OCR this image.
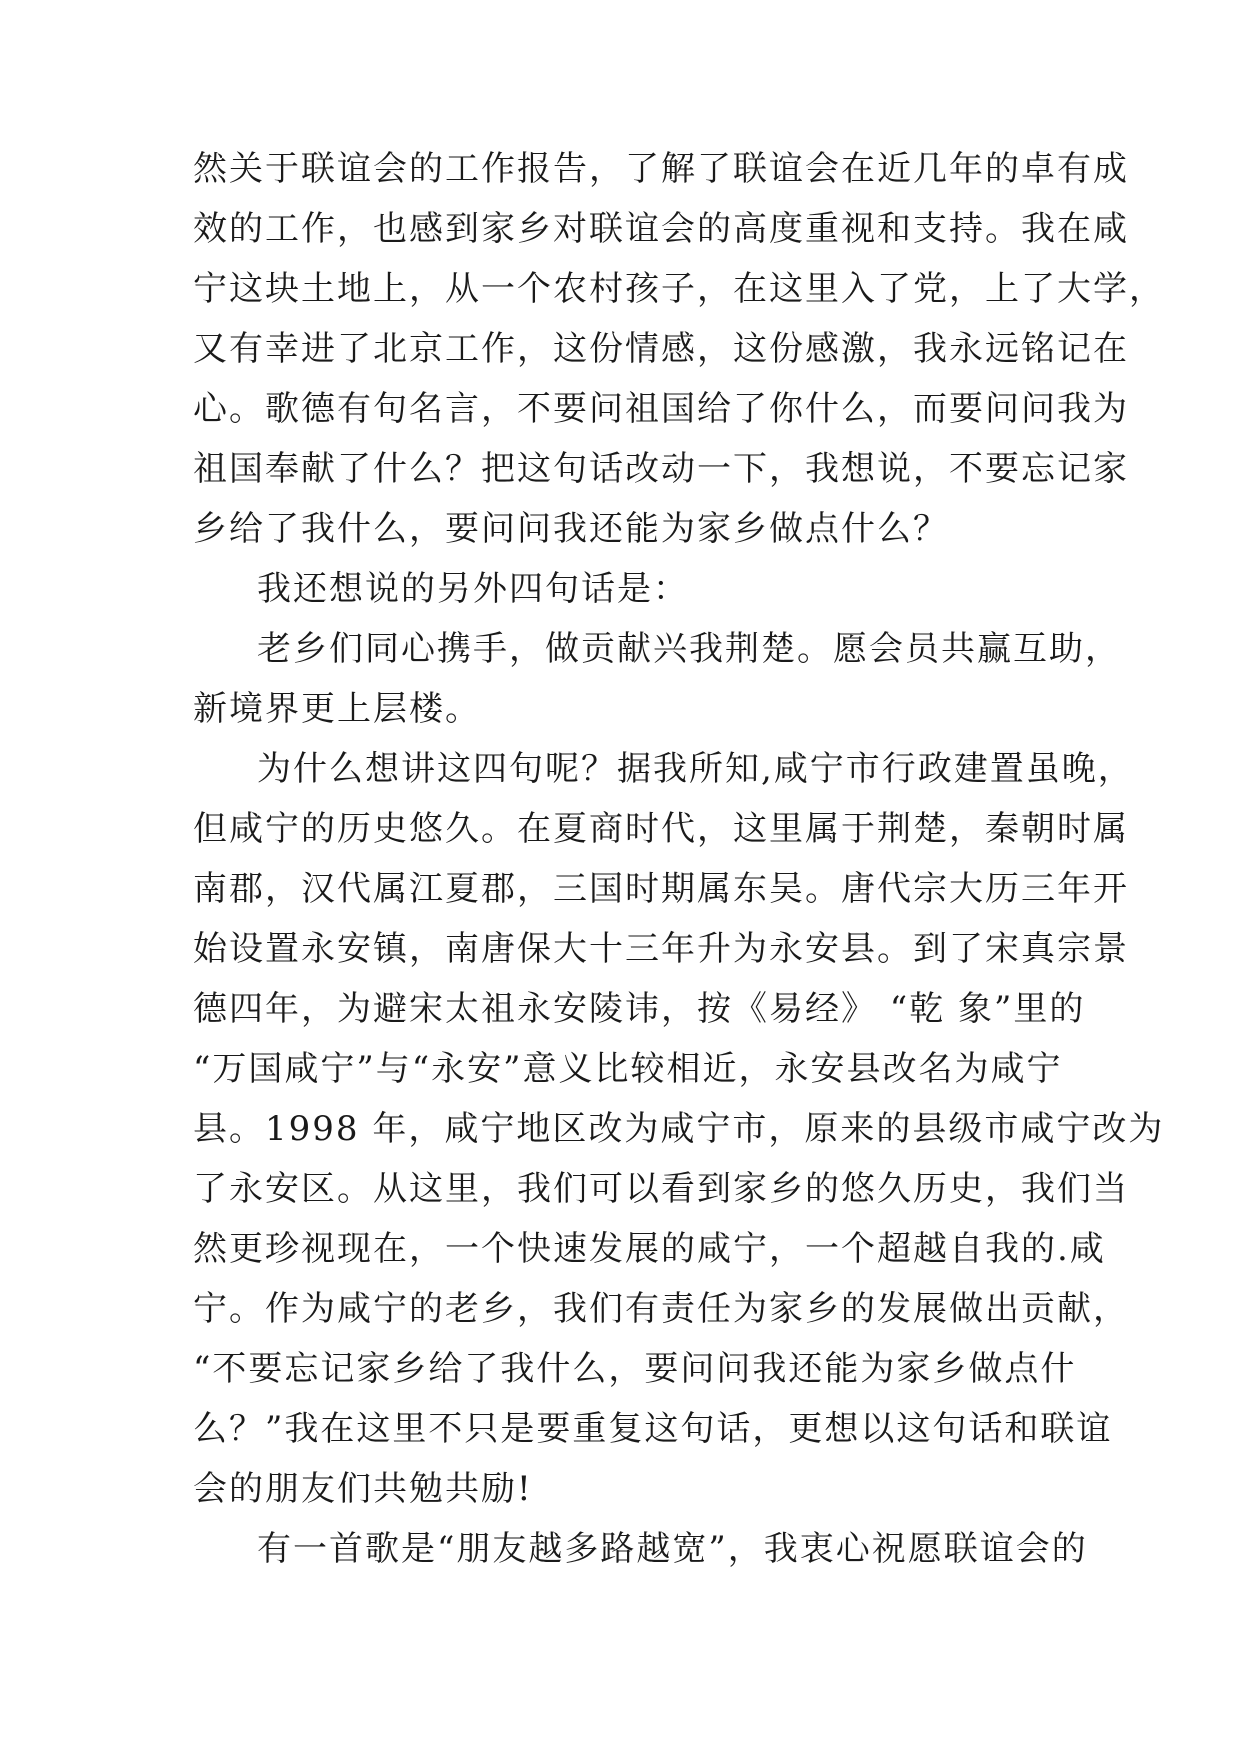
然关于联谊会的工作报告，了解了联谊会在近几年的卓有成
效的工作，也感到家乡对联谊会的高度重视和支持。我在咸
宁这块土地上，从一个农村孩子，在这里入了党，上了大学，
又有幸进了北京工作，这份情感，这份感激，我永远铭记在
心。歌德有句名言，不要问祖国给了你什么，而要问问我为
祖国奉献了什么？把这句话改动一下，我想说，不要忘记家
乡给了我什么，要问问我还能为家乡做点什么？
我还想说的另外四句话是：
老乡们同心携手，做贡献兴我荆楚。愿会员共赢互助，
新境界更上层楼。
为什么想讲这四句呢？据我所知,咸宁市行政建置虽晚，
但咸宁的历史悠久。在夏商时代，这里属于荆楚，秦朝时属
南郡，汉代属江夏郡，三国时期属东吴。唐代宗大历三年开
始设置永安镇，南唐保大十三年升为永安县。到了宋真宗景
德四年，为避宋太祖永安陵讳，按《易经》 “乾 象”里的
“万国咸宁”与“永安”意义比较相近，永安县改名为咸宁
县。1998 年，咸宁地区改为咸宁市，原来的县级市咸宁改为
了永安区。从这里，我们可以看到家乡的悠久历史，我们当
然更珍视现在，一个快速发展的咸宁，一个超越自我的.咸
宁。作为咸宁的老乡，我们有责任为家乡的发展做出贡献，
“不要忘记家乡给了我什么，要问问我还能为家乡做点什
么？”我在这里不只是要重复这句话，更想以这句话和联谊
会的朋友们共勉共励!
有一首歌是“朋友越多路越宽”，我衷心祝愿联谊会的
